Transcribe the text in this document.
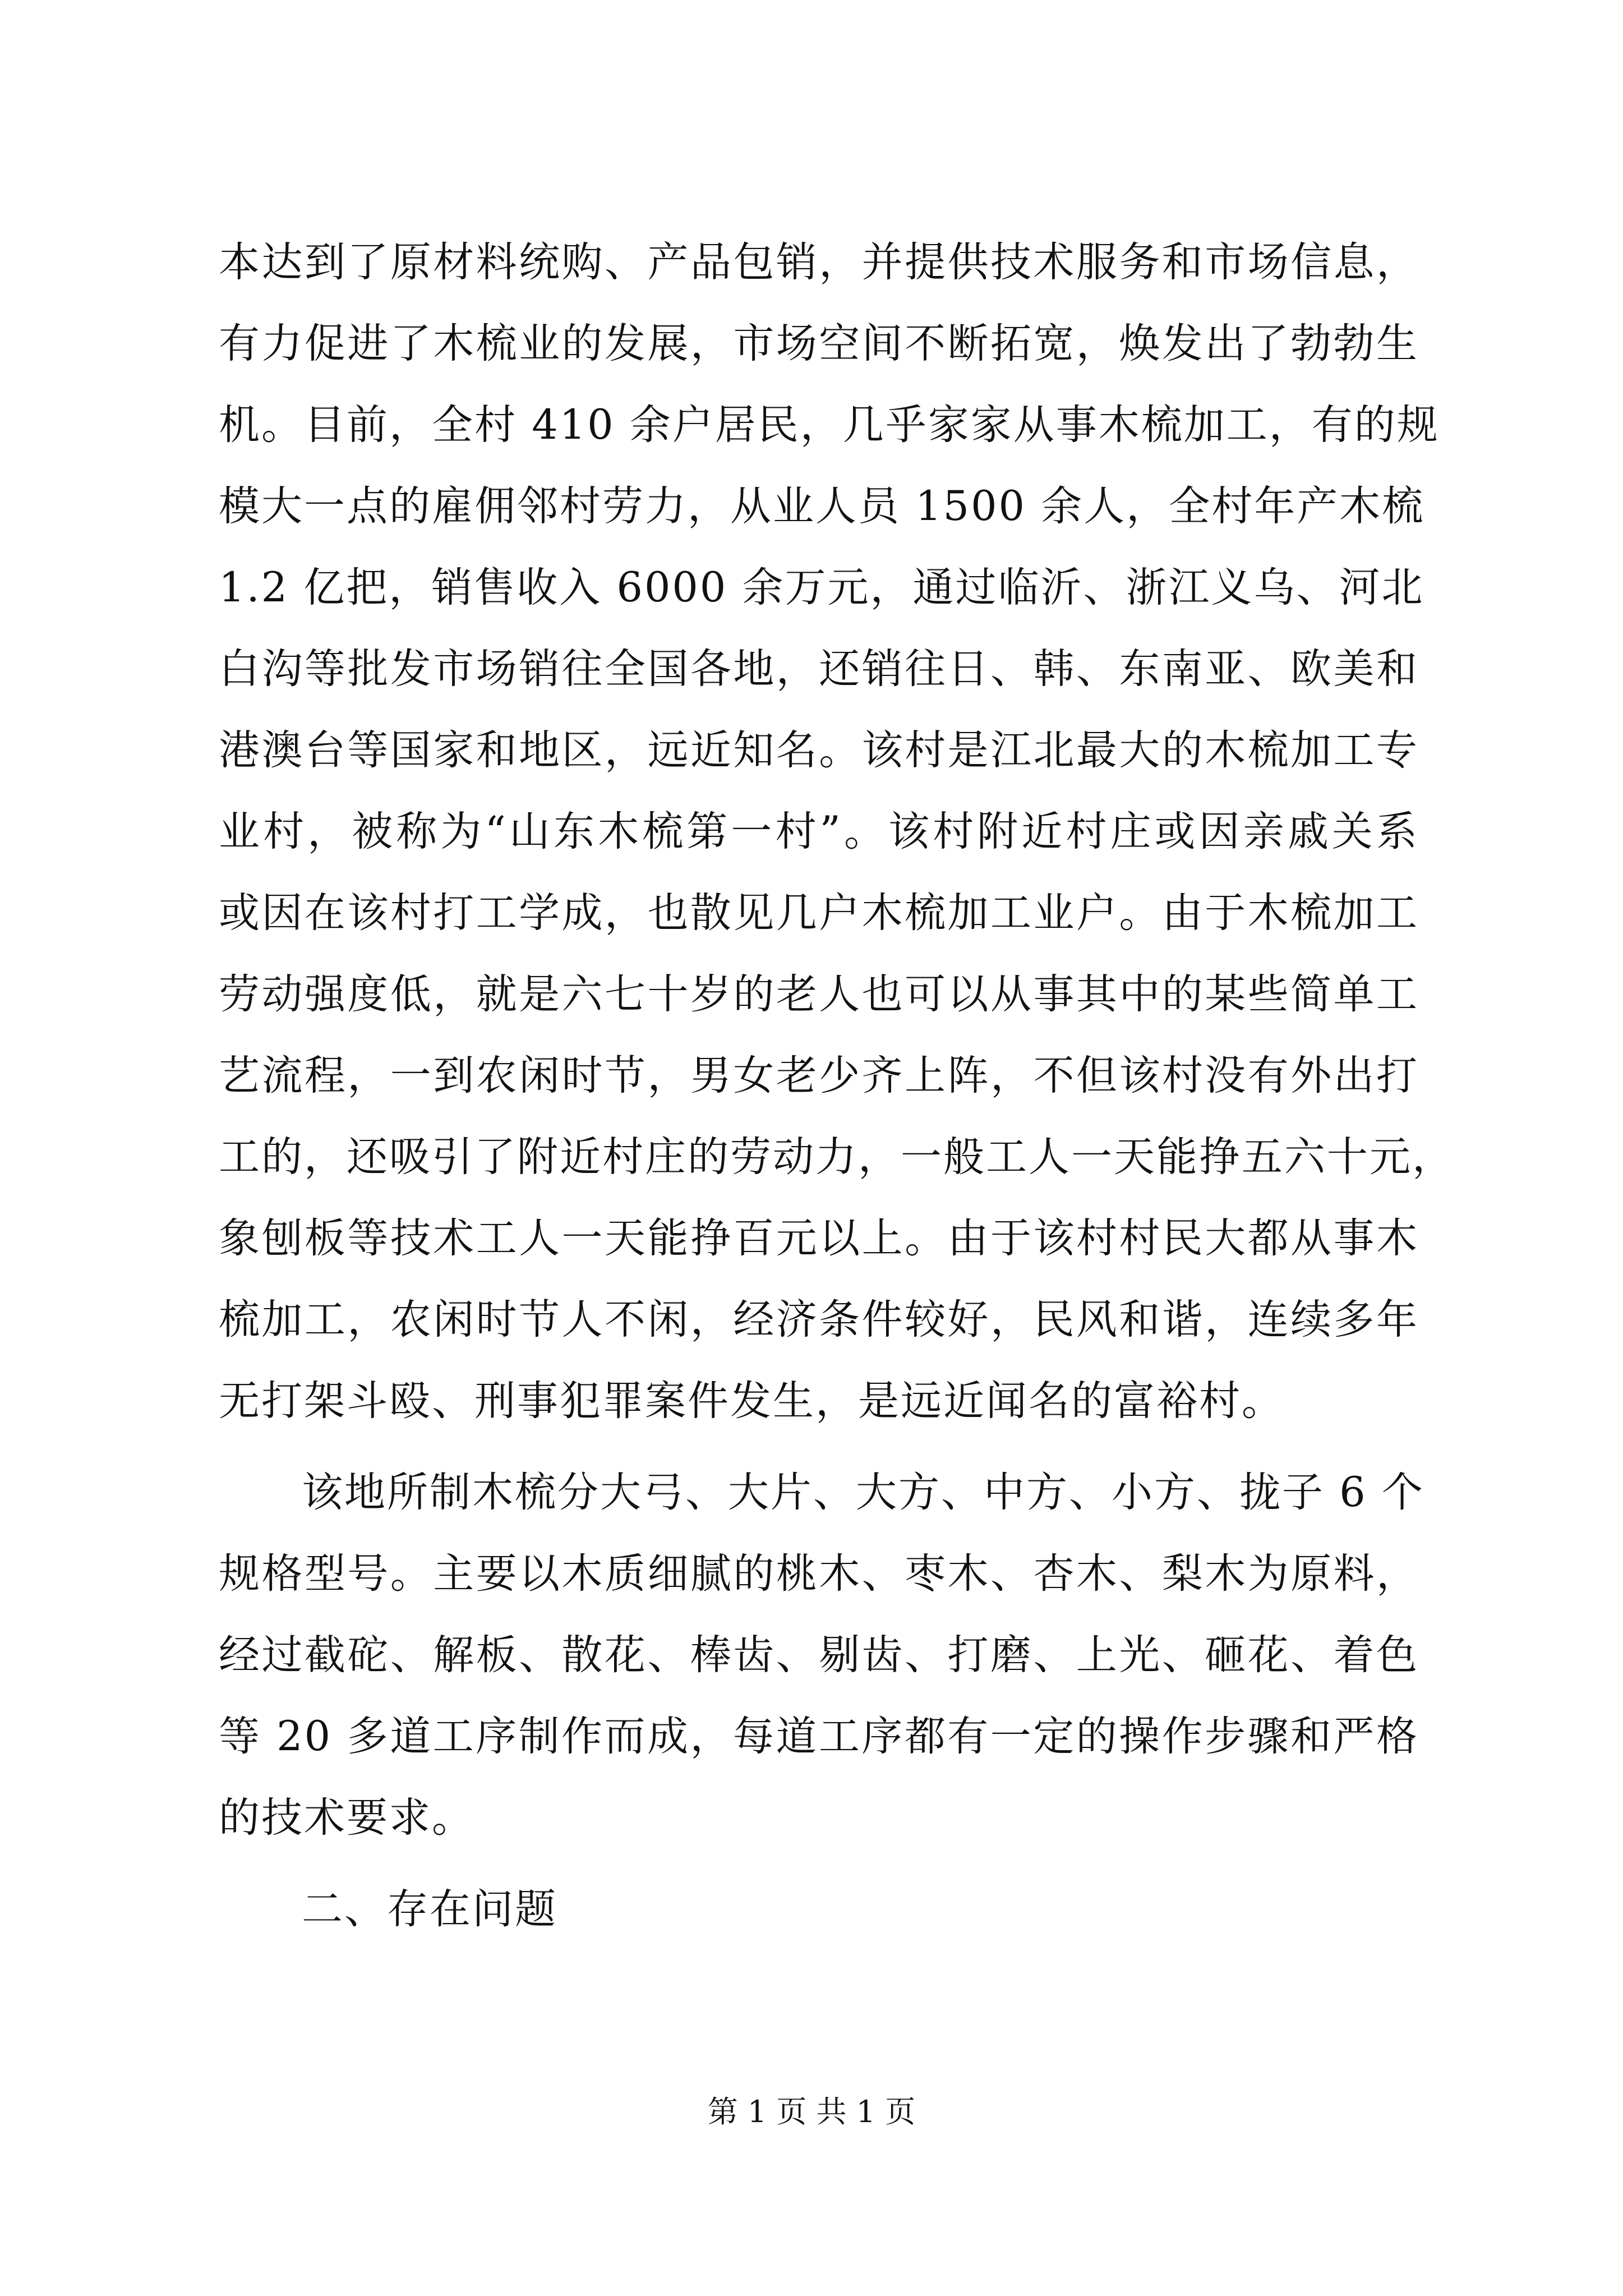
本达到了原材料统购、产品包销，并提供技术服务和市场信息，
有力促进了木梳业的发展，市场空间不断拓宽，焕发出了勃勃生
机。目前，全村 410 余户居民，几乎家家从事木梳加工，有的规
模大一点的雇佣邻村劳力，从业人员 1500 余人，全村年产木梳
1.2 亿把，销售收入 6000 余万元，通过临沂、浙江义乌、河北
白沟等批发市场销往全国各地，还销往日、韩、东南亚、欧美和
港澳台等国家和地区，远近知名。该村是江北最大的木梳加工专
业村，被称为“山东木梳第一村”。该村附近村庄或因亲戚关系
或因在该村打工学成，也散见几户木梳加工业户。由于木梳加工
劳动强度低，就是六七十岁的老人也可以从事其中的某些简单工
艺流程，一到农闲时节，男女老少齐上阵，不但该村没有外出打
工的，还吸引了附近村庄的劳动力，一般工人一天能挣五六十元，
象刨板等技术工人一天能挣百元以上。由于该村村民大都从事木
梳加工，农闲时节人不闲，经济条件较好，民风和谐，连续多年
无打架斗殴、刑事犯罪案件发生，是远近闻名的富裕村。
该地所制木梳分大弓、大片、大方、中方、小方、拢子 6 个
规格型号。主要以木质细腻的桃木、枣木、杏木、梨木为原料，
经过截砣、解板、散花、棒齿、剔齿、打磨、上光、砸花、着色
等 20 多道工序制作而成，每道工序都有一定的操作步骤和严格
的技术要求。
二、存在问题
第 1 页 共 1 页
